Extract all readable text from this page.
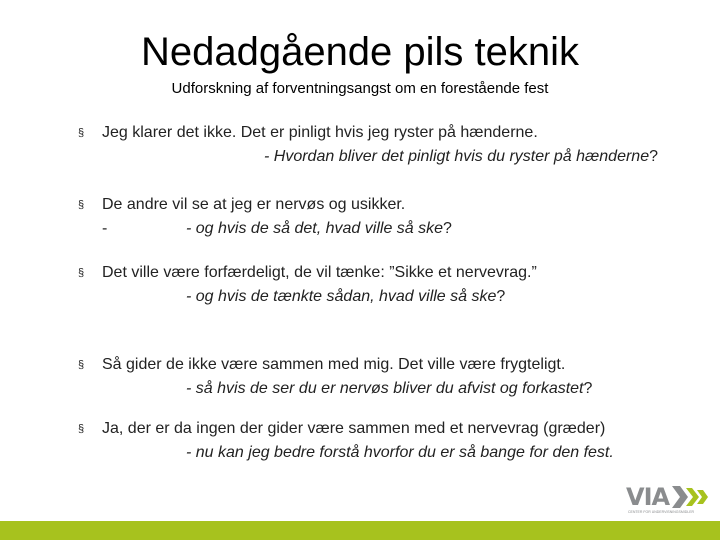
Nedadgående pils teknik
Udforskning af forventningsangst om en forestående fest
§ Jeg klarer det ikke. Det er pinligt hvis jeg ryster på hænderne.
- Hvordan bliver det pinligt hvis du ryster på hænderne?
§ De andre vil se at jeg er nervøs og usikker.
-	- og hvis de så det, hvad ville så ske?
§ Det ville være forfærdeligt, de vil tænke: ”Sikke et nervevrag.”
- og hvis de tænkte sådan, hvad ville så ske?
§ Så gider de ikke være sammen med mig. Det ville være frygteligt.
- så hvis de ser du er nervøs bliver du afvist og forkastet?
§ Ja, der er da ingen der gider være sammen med et nervevrag (græder)
- nu kan jeg bedre forstå hvorfor du er så bange for den fest.
VIA
CENTER FOR UNDERVISNINGSMIDLER
